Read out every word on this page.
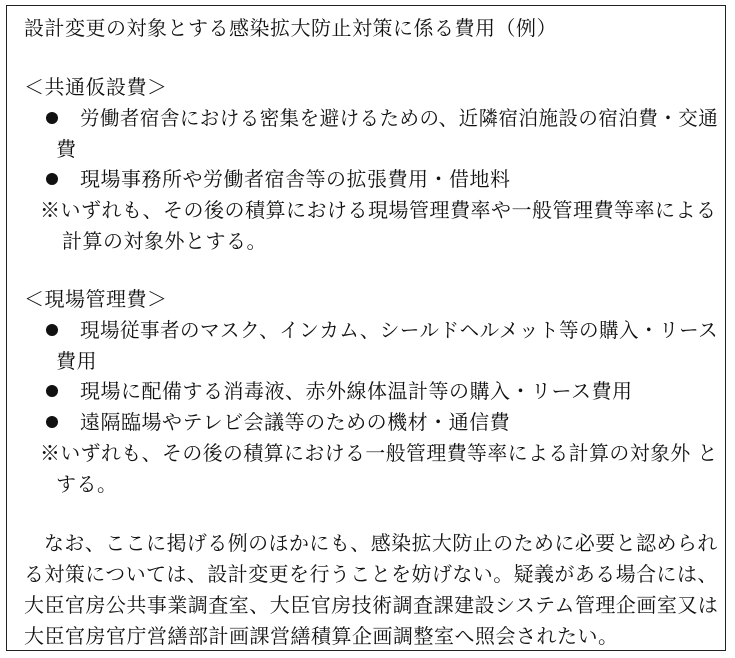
設計変更の対象とする感染拡大防止対策に係る費用（例）
＜共通仮設費＞
労働者宿舎における密集を避けるための、近隣宿泊施設の宿泊費・交通
費
現場事務所や労働者宿舎等の拡張費用・借地料
※いずれも、その後の積算における現場管理費率や一般管理費等率による
計算の対象外とする。
＜現場管理費＞
現場従事者のマスク、インカム、シールドヘルメット等の購入・リース
費用
現場に配備する消毒液、赤外線体温計等の購入・リース費用
遠隔臨場やテレビ会議等のための機材・通信費
※いずれも、その後の積算における一般管理費等率による計算の対象外 と
する。
なお、ここに掲げる例のほかにも、感染拡大防止のために必要と認められ
る対策については、設計変更を行うことを妨げない。疑義がある場合には、
大臣官房公共事業調査室、大臣官房技術調査課建設システム管理企画室又は
大臣官房官庁営繕部計画課営繕積算企画調整室へ照会されたい。
